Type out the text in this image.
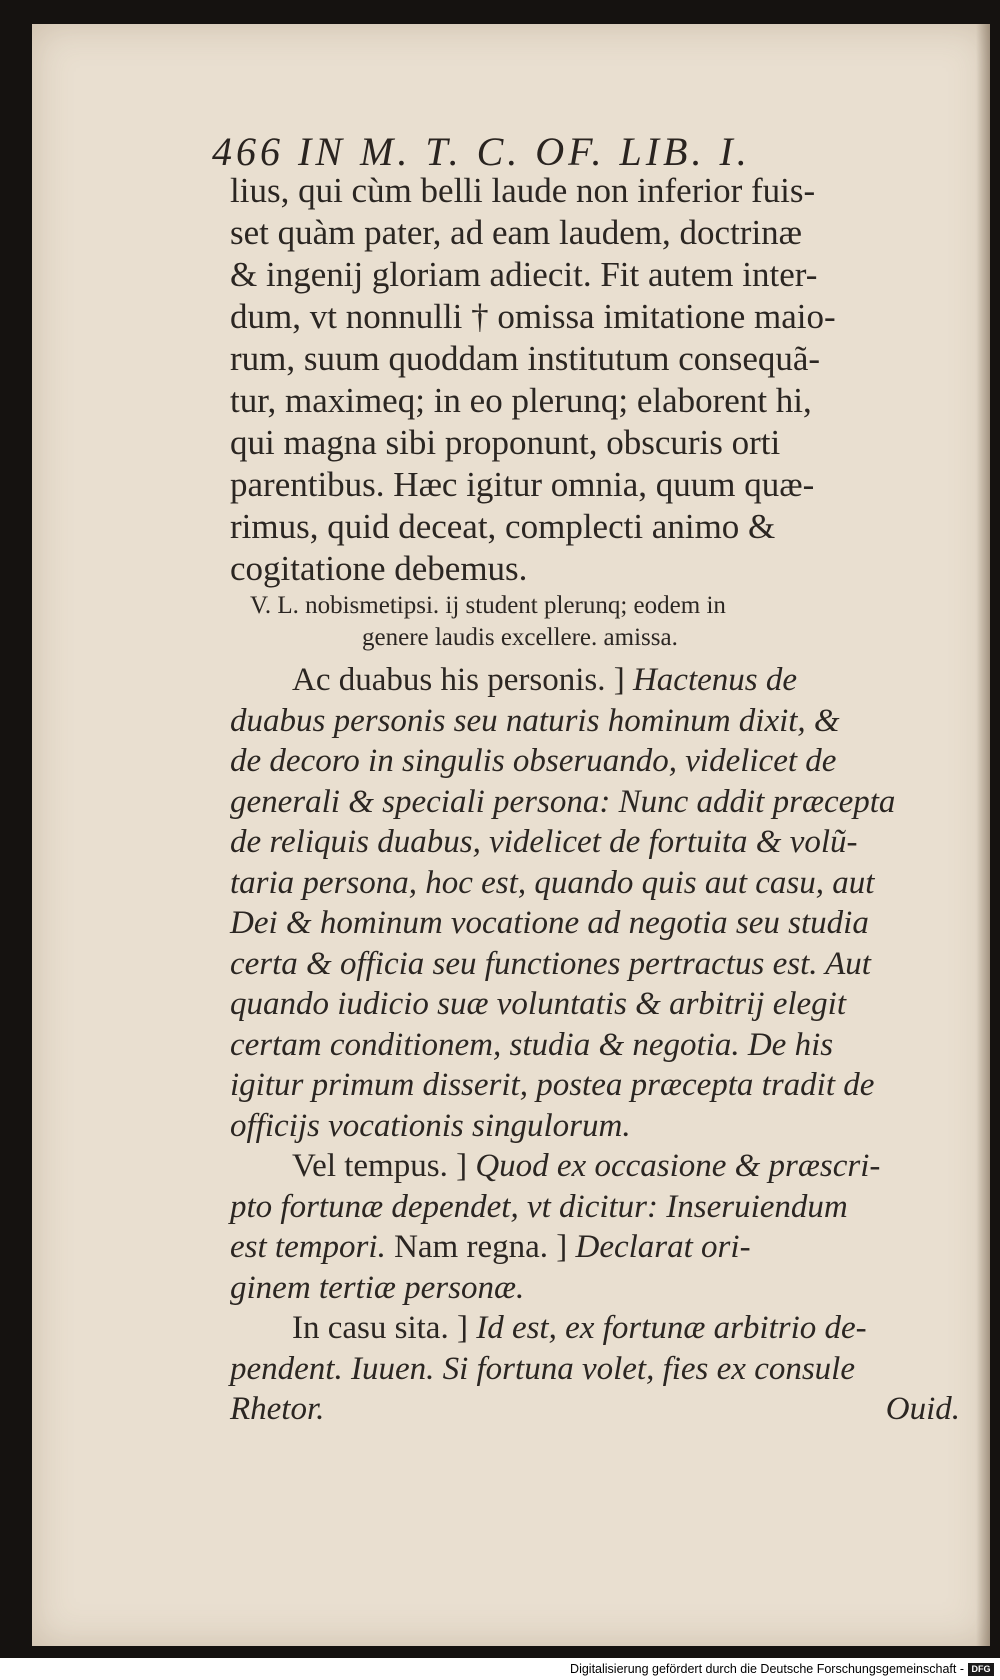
466 IN M. T. C. OF. LIB. I.
lius, qui cùm belli laude non inferior fuis-
set quàm pater, ad eam laudem, doctrinæ
& ingenij gloriam adiecit. Fit autem inter-
dum, vt nonnulli † omissa imitatione maio-
rum, suum quoddam institutum consequã-
tur, maximeq; in eo plerunq; elaborent hi,
qui magna sibi proponunt, obscuris orti
parentibus. Hæc igitur omnia, quum quæ-
rimus, quid deceat, complecti animo &
cogitatione debemus.
V. L. nobismetipsi. ij student plerunq; eodem in
genere laudis excellere. amissa.
Ac duabus his personis. ] Hactenus de
duabus personis seu naturis hominum dixit, &
de decoro in singulis obseruando, videlicet de
generali & speciali persona: Nunc addit præcepta
de reliquis duabus, videlicet de fortuita & volũ-
taria persona, hoc est, quando quis aut casu, aut
Dei & hominum vocatione ad negotia seu studia
certa & officia seu functiones pertractus est. Aut
quando iudicio suæ voluntatis & arbitrij elegit
certam conditionem, studia & negotia. De his
igitur primum disserit, postea præcepta tradit de
officijs vocationis singulorum.
Vel tempus. ] Quod ex occasione & præscri-
pto fortunæ dependet, vt dicitur: Inseruiendum
est tempori. Nam regna. ] Declarat ori-
ginem tertiæ personæ.
In casu sita. ] Id est, ex fortunæ arbitrio de-
pendent. Iuuen. Si fortuna volet, fies ex consule
Rhetor.	Ouid.
Digitalisierung gefördert durch die Deutsche Forschungsgemeinschaft - DFG
